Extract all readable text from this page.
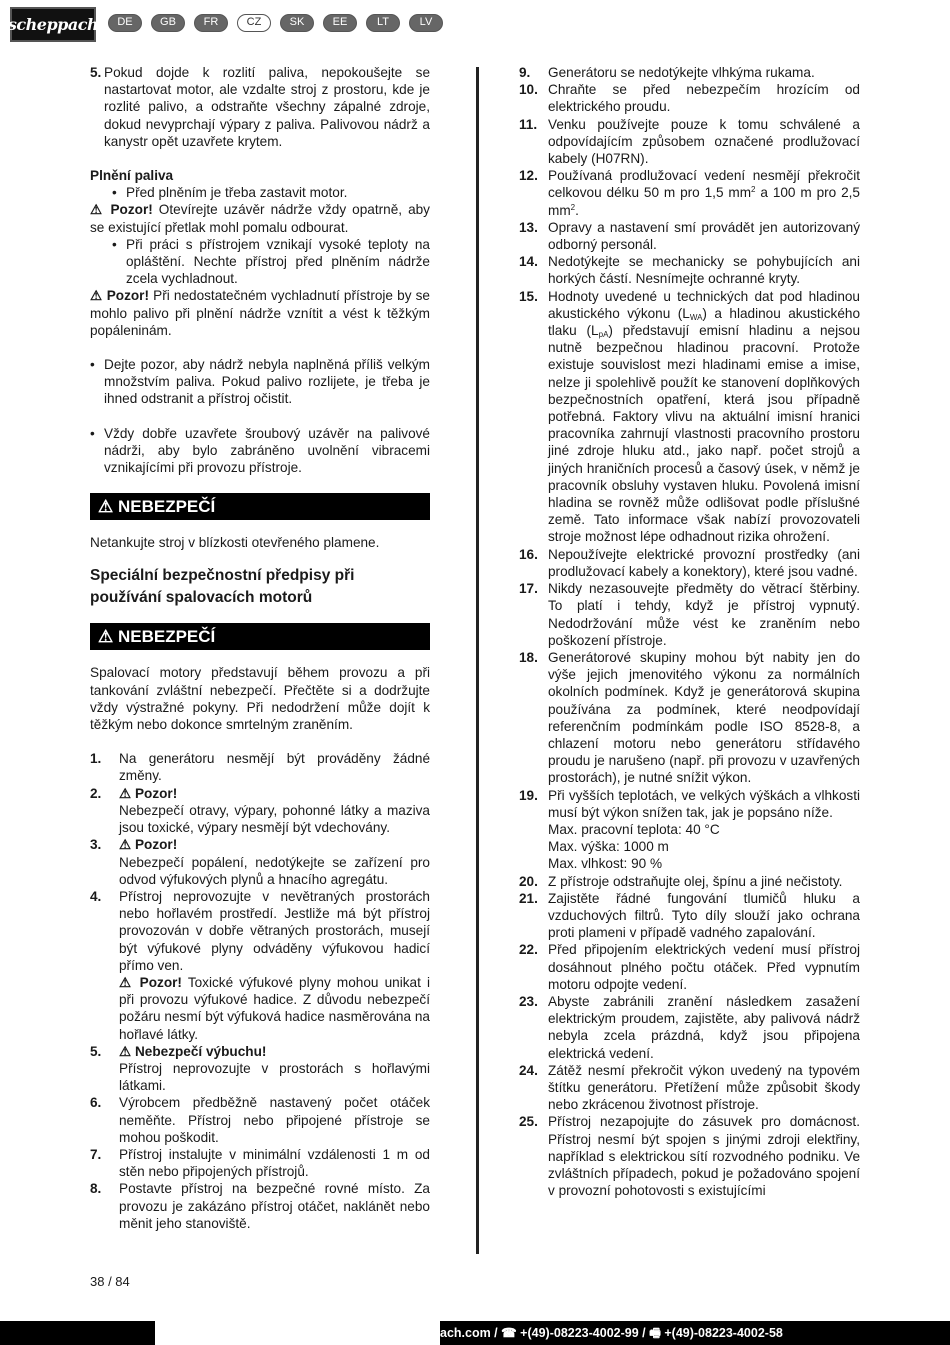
scheppach	DE	GB	FR	CZ	SK	EE	LT	LV
5. Pokud dojde k rozlití paliva, nepokoušejte se nastartovat motor, ale vzdalte stroj z prostoru, kde je rozlité palivo, a odstraňte všechny zápalné zdroje, dokud nevyprchají výpary z paliva. Palivovou nádrž a kanystr opět uzavřete krytem.
Plnění paliva
• Před plněním je třeba zastavit motor.

⚠ Pozor! Otevírejte uzávěr nádrže vždy opatrně, aby se existující přetlak mohl pomalu odbourat.

• Při práci s přístrojem vznikají vysoké teploty na opláštění. Nechte přístroj před plněním nádrže zcela vychladnout.

⚠ Pozor! Při nedostatečném vychladnutí přístroje by se mohlo palivo při plnění nádrže vznítit a vést k těžkým popáleninám.

• Dejte pozor, aby nádrž nebyla naplněná příliš velkým množstvím paliva. Pokud palivo rozlijete, je třeba je ihned odstranit a přístroj očistit.
• Vždy dobře uzavřete šroubový uzávěr na palivové nádrži, aby bylo zabráněno uvolnění vibracemi vznikajícími při provozu přístroje.
⚠ NEBEZPEČÍ

Netankujte stroj v blízkosti otevřeného plamene.

Speciální bezpečnostní předpisy při používání spalovacích motorů
⚠ NEBEZPEČÍ

Spalovací motory představují během provozu a při tankování zvláštní nebezpečí. Přečtěte si a dodržujte vždy výstražné pokyny. Při nedodržení může dojít k těžkým nebo dokonce smrtelným zraněním.

1.	Na generátoru nesmějí být prováděny žádné změny.
2.	⚠ Pozor!
Nebezpečí otravy, výpary, pohonné látky a maziva jsou toxické, výpary nesmějí být vdechovány.
3.	⚠ Pozor!
Nebezpečí popálení, nedotýkejte se zařízení pro odvod výfukových plynů a hnacího agregátu.
4.	Přístroj neprovozujte v nevětraných prostorách nebo hořlavém prostředí. Jestliže má být přístroj provozován v dobře větraných prostorách, musejí být výfukové plyny odváděny výfukovou hadicí přímo ven.
⚠ Pozor! Toxické výfukové plyny mohou unikat i při provozu výfukové hadice. Z důvodu nebezpečí požáru nesmí být výfuková hadice nasměrována na hořlavé látky.
5.	⚠ Nebezpečí výbuchu!
Přístroj neprovozujte v prostorách s hořlavými látkami.
6.	Výrobcem předběžně nastavený počet otáček neměňte. Přístroj nebo připojené přístroje se mohou poškodit.
7.	Přístroj instalujte v minimální vzdálenosti 1 m od stěn nebo připojených přístrojů.
8.	Postavte přístroj na bezpečné rovné místo. Za provozu je zakázáno přístroj otáčet, naklánět nebo měnit jeho stanoviště.
9.	Generátoru se nedotýkejte vlhkýma rukama.
10. Chraňte se před nebezpečím hrozícím od elektrického proudu.
11. Venku používejte pouze k tomu schválené a odpovídajícím způsobem označené prodlužovací kabely (H07RN).
12. Používaná prodlužovací vedení nesmějí překročit celkovou délku 50 m pro 1,5 $mm^2$ a 100 m pro 2,5 $mm^2$.
13. Opravy a nastavení smí provádět jen autorizovaný odborný personál.
14. Nedotýkejte se mechanicky se pohybujících ani horkých částí. Nesnímejte ochranné kryty.
15. Hodnoty uvedené u technických dat pod hladinou akustického výkonu $(L_{WA})$ a hladinou akustického tlaku $(L_{pA})$ představují emisní hladinu a nejsou nutně bezpečnou hladinou pracovní. Protože existuje souvislost mezi hladinami emise a imise, nelze ji spolehlivě použít ke stanovení doplňkových bezpečnostních opatření, která jsou případně potřebná. Faktory vlivu na aktuální imisní hranici pracovníka zahrnují vlastnosti pracovního prostoru jiné zdroje hluku atd., jako např. počet strojů a jiných hraničních procesů a časový úsek, v němž je pracovník obsluhy vystaven hluku. Povolená imisní hladina se rovněž může odlišovat podle příslušné země. Tato informace však nabízí provozovateli stroje možnost lépe odhadnout rizika ohrožení.
16. Nepoužívejte elektrické provozní prostředky (ani prodlužovací kabely a konektory), které jsou vadné.
17. Nikdy nezasouvejte předměty do větrací štěrbiny. To platí i tehdy, když je přístroj vypnutý. Nedodržování může vést ke zraněním nebo poškození přístroje.
18. Generátorové skupiny mohou být nabity jen do výše jejich jmenovitého výkonu za normálních okolních podmínek. Když je generátorová skupina používána za podmínek, které neodpovídají referenčním podmínkám podle ISO 8528-8, a chlazení motoru nebo generátoru střídavého proudu je narušeno (např. při provozu v uzavřených prostorách), je nutné snížit výkon.
19. Při vyšších teplotách, ve velkých výškách a vlhkosti musí být výkon snížen tak, jak je popsáno níže.
Max. pracovní teplota: 40 °C
Max. výška: 1000 m
Max. vlhkost: 90 %
20. Z přístroje odstraňujte olej, špínu a jiné nečistoty.
21. Zajistěte řádné fungování tlumičů hluku a vzduchových filtrů. Tyto díly slouží jako ochrana proti plameni v případě vadného zapalování.
22. Před připojením elektrických vedení musí přístroj dosáhnout plného počtu otáček. Před vypnutím motoru odpojte vedení.
23. Abyste zabránili zranění následkem zasažení elektrickým proudem, zajistěte, aby palivová nádrž nebyla zcela prázdná, když jsou připojena elektrická vedení.
24. Zátěž nesmí překročit výkon uvedený na typovém štítku generátoru. Přetížení může způsobit škody nebo zkrácenou životnost přístroje.
25. Přístroj nezapojujte do zásuvek pro domácnost. Přístroj nesmí být spojen s jinými zdroji elektřiny, například s elektrickou sítí rozvodného podniku. Ve zvláštních případech, pokud je požadováno spojení v provozní pohotovosti s existujícími
38 / 84
ach.com / ☎ +(49)-08223-4002-99 / 🖷 +(49)-08223-4002-58
